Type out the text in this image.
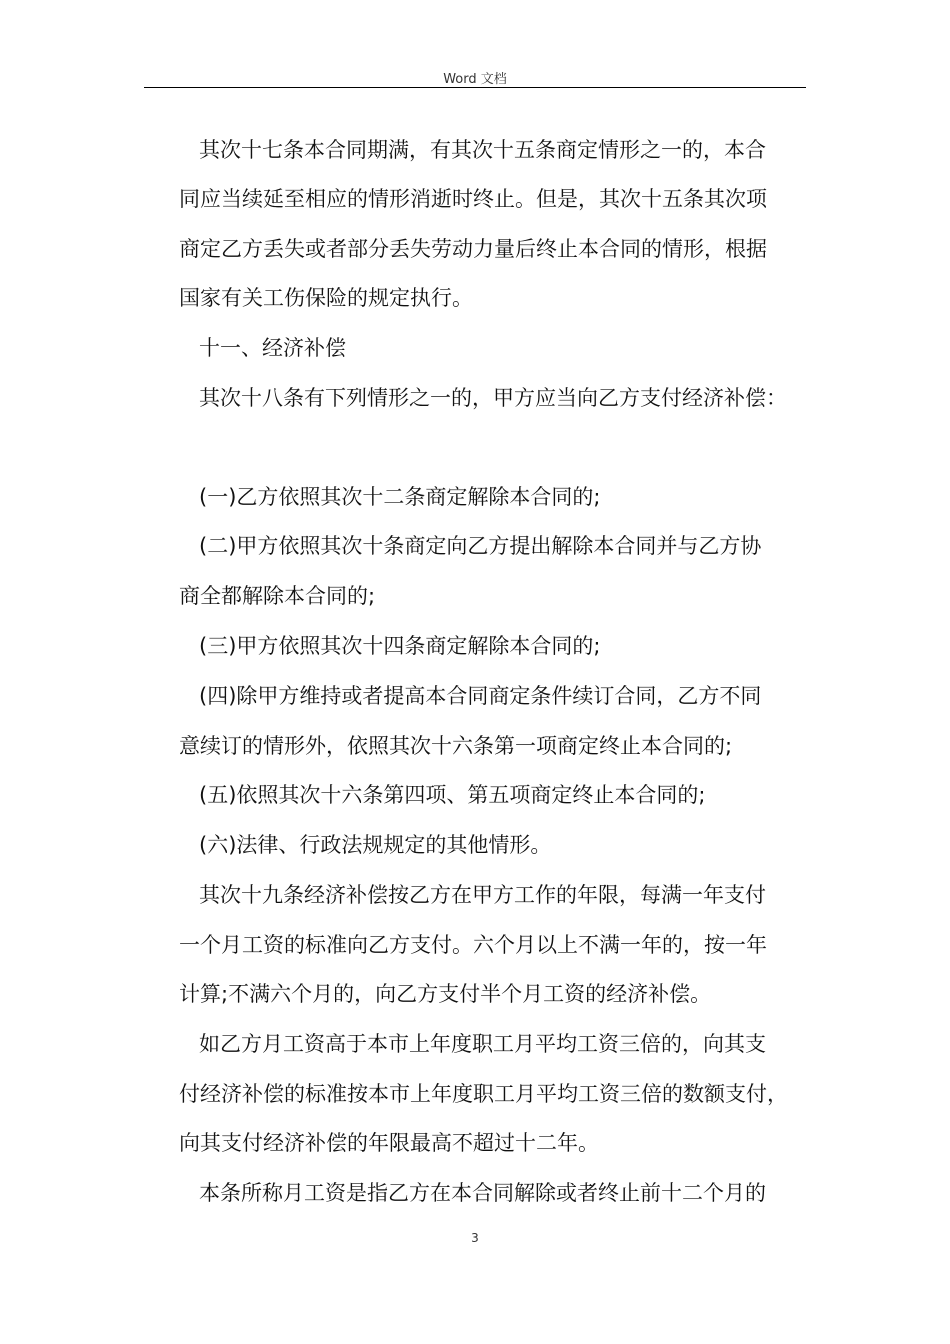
Word 文档
其次十七条本合同期满，有其次十五条商定情形之一的，本合
同应当续延至相应的情形消逝时终止。但是，其次十五条其次项
商定乙方丢失或者部分丢失劳动力量后终止本合同的情形，根据
国家有关工伤保险的规定执行。
十一、经济补偿
其次十八条有下列情形之一的，甲方应当向乙方支付经济补偿：
(一)乙方依照其次十二条商定解除本合同的;
(二)甲方依照其次十条商定向乙方提出解除本合同并与乙方协
商全都解除本合同的;
(三)甲方依照其次十四条商定解除本合同的;
(四)除甲方维持或者提高本合同商定条件续订合同，乙方不同
意续订的情形外，依照其次十六条第一项商定终止本合同的;
(五)依照其次十六条第四项、第五项商定终止本合同的;
(六)法律、行政法规规定的其他情形。
其次十九条经济补偿按乙方在甲方工作的年限，每满一年支付
一个月工资的标准向乙方支付。六个月以上不满一年的，按一年
计算;不满六个月的，向乙方支付半个月工资的经济补偿。
如乙方月工资高于本市上年度职工月平均工资三倍的，向其支
付经济补偿的标准按本市上年度职工月平均工资三倍的数额支付，
向其支付经济补偿的年限最高不超过十二年。
本条所称月工资是指乙方在本合同解除或者终止前十二个月的
3
